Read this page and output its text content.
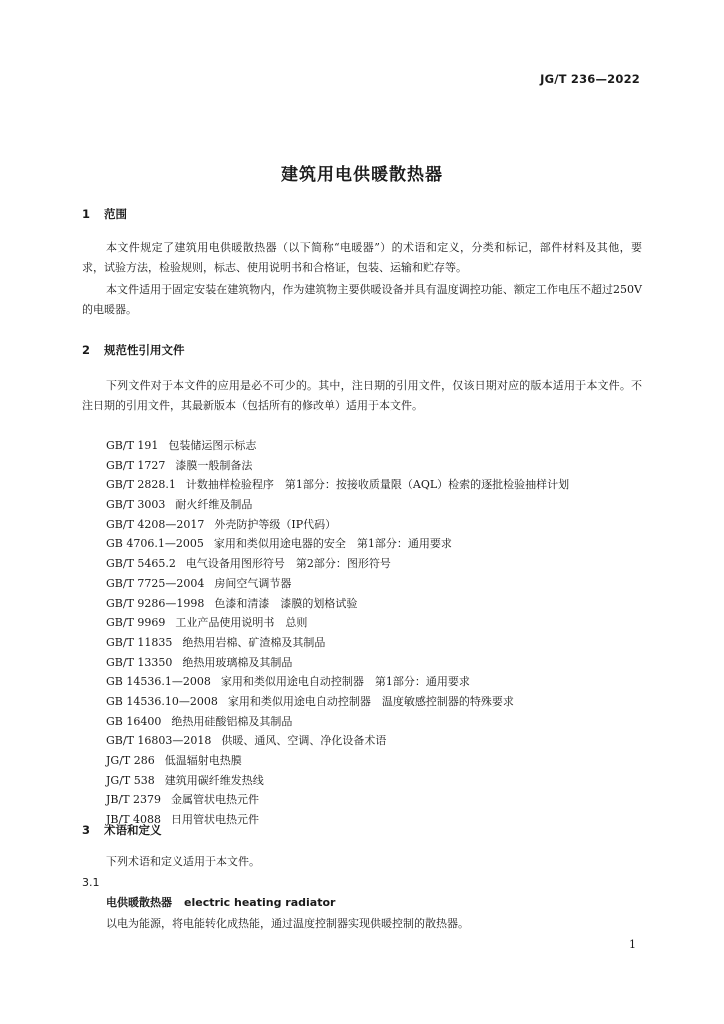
JG/T 236—2022
建筑用电供暖散热器
1 范围

本文件规定了建筑用电供暖散热器（以下简称“电暖器”）的术语和定义，分类和标记，部件材料及其他，要求，试验方法，检验规则，标志、使用说明书和合格证，包装、运输和贮存等。

本文件适用于固定安装在建筑物内，作为建筑物主要供暖设备并具有温度调控功能、额定工作电压不超过250V的电暖器。

2 规范性引用文件

下列文件对于本文件的应用是必不可少的。其中，注日期的引用文件，仅该日期对应的版本适用于本文件。不注日期的引用文件，其最新版本（包括所有的修改单）适用于本文件。

GB/T 191 包装储运图示标志
GB/T 1727 漆膜一般制备法
GB/T 2828.1 计数抽样检验程序　第1部分：按接收质量限（AQL）检索的逐批检验抽样计划
GB/T 3003 耐火纤维及制品
GB/T 4208—2017 外壳防护等级（IP代码）
GB 4706.1—2005 家用和类似用途电器的安全　第1部分：通用要求
GB/T 5465.2 电气设备用图形符号　第2部分：图形符号
GB/T 7725—2004 房间空气调节器
GB/T 9286—1998 色漆和清漆　漆膜的划格试验
GB/T 9969 工业产品使用说明书　总则
GB/T 11835 绝热用岩棉、矿渣棉及其制品
GB/T 13350 绝热用玻璃棉及其制品
GB 14536.1—2008 家用和类似用途电自动控制器　第1部分：通用要求
GB 14536.10—2008 家用和类似用途电自动控制器　温度敏感控制器的特殊要求
GB 16400 绝热用硅酸铝棉及其制品
GB/T 16803—2018 供暖、通风、空调、净化设备术语
JG/T 286 低温辐射电热膜
JG/T 538 建筑用碳纤维发热线
JB/T 2379 金属管状电热元件
JB/T 4088 日用管状电热元件
3 术语和定义

下列术语和定义适用于本文件。

3.1
电供暖散热器 electric heating radiator
以电为能源，将电能转化成热能，通过温度控制器实现供暖控制的散热器。
1
